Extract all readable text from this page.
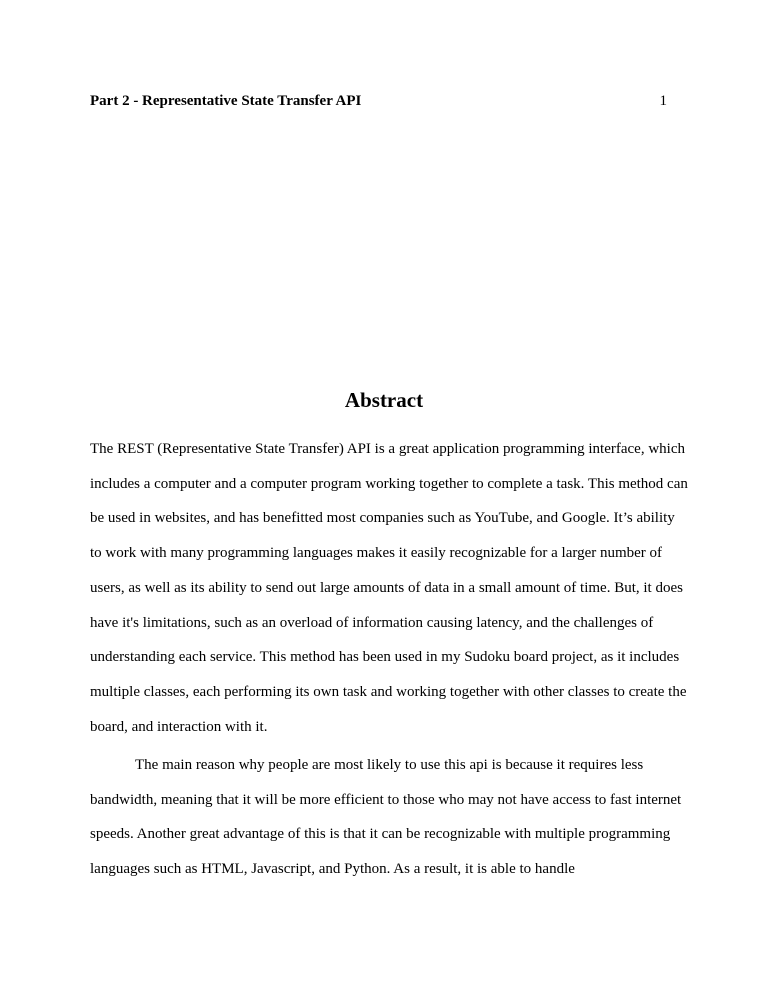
Part 2 - Representative State Transfer API	1
Abstract

The REST (Representative State Transfer) API is a great application programming interface, which includes a computer and a computer program working together to complete a task. This method can be used in websites, and has benefitted most companies such as YouTube, and Google. It’s ability to work with many programming languages makes it easily recognizable for a larger number of users, as well as its ability to send out large amounts of data in a small amount of time. But, it does have it's limitations, such as an overload of information causing latency, and the challenges of understanding each service. This method has been used in my Sudoku board project, as it includes multiple classes, each performing its own task and working together with other classes to create the board, and interaction with it.

The main reason why people are most likely to use this api is because it requires less bandwidth, meaning that it will be more efficient to those who may not have access to fast internet speeds. Another great advantage of this is that it can be recognizable with multiple programming languages such as HTML, Javascript, and Python. As a result, it is able to handle
